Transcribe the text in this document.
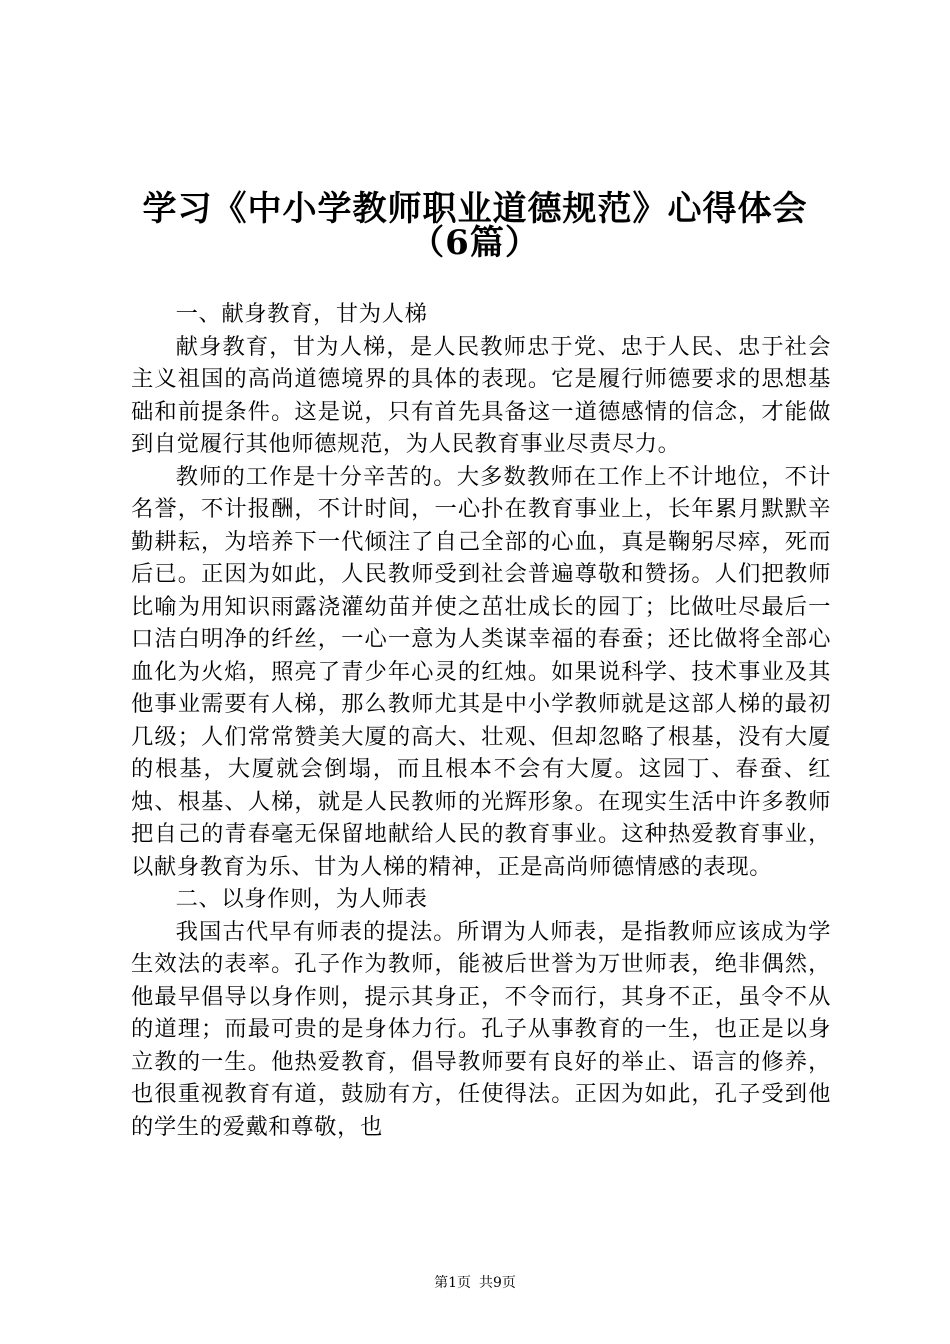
学习《中小学教师职业道德规范》心得体会
（6篇）

一、献身教育，甘为人梯

献身教育，甘为人梯，是人民教师忠于党、忠于人民、忠于社会主义祖国的高尚道德境界的具体的表现。它是履行师德要求的思想基础和前提条件。这是说，只有首先具备这一道德感情的信念，才能做到自觉履行其他师德规范，为人民教育事业尽责尽力。

教师的工作是十分辛苦的。大多数教师在工作上不计地位，不计名誉，不计报酬，不计时间，一心扑在教育事业上，长年累月默默辛勤耕耘，为培养下一代倾注了自己全部的心血，真是鞠躬尽瘁，死而后已。正因为如此，人民教师受到社会普遍尊敬和赞扬。人们把教师比喻为用知识雨露浇灌幼苗并使之茁壮成长的园丁；比做吐尽最后一口洁白明净的纤丝，一心一意为人类谋幸福的春蚕；还比做将全部心血化为火焰，照亮了青少年心灵的红烛。如果说科学、技术事业及其他事业需要有人梯，那么教师尤其是中小学教师就是这部人梯的最初几级；人们常常赞美大厦的高大、壮观、但却忽略了根基，没有大厦的根基，大厦就会倒塌，而且根本不会有大厦。这园丁、春蚕、红烛、根基、人梯，就是人民教师的光辉形象。在现实生活中许多教师把自己的青春毫无保留地献给人民的教育事业。这种热爱教育事业，以献身教育为乐、甘为人梯的精神，正是高尚师德情感的表现。

二、以身作则，为人师表

我国古代早有师表的提法。所谓为人师表，是指教师应该成为学生效法的表率。孔子作为教师，能被后世誉为万世师表，绝非偶然，他最早倡导以身作则，提示其身正，不令而行，其身不正，虽令不从的道理；而最可贵的是身体力行。孔子从事教育的一生，也正是以身立教的一生。他热爱教育，倡导教师要有良好的举止、语言的修养，也很重视教育有道，鼓励有方，任使得法。正因为如此，孔子受到他的学生的爱戴和尊敬，也

第1页 共9页
